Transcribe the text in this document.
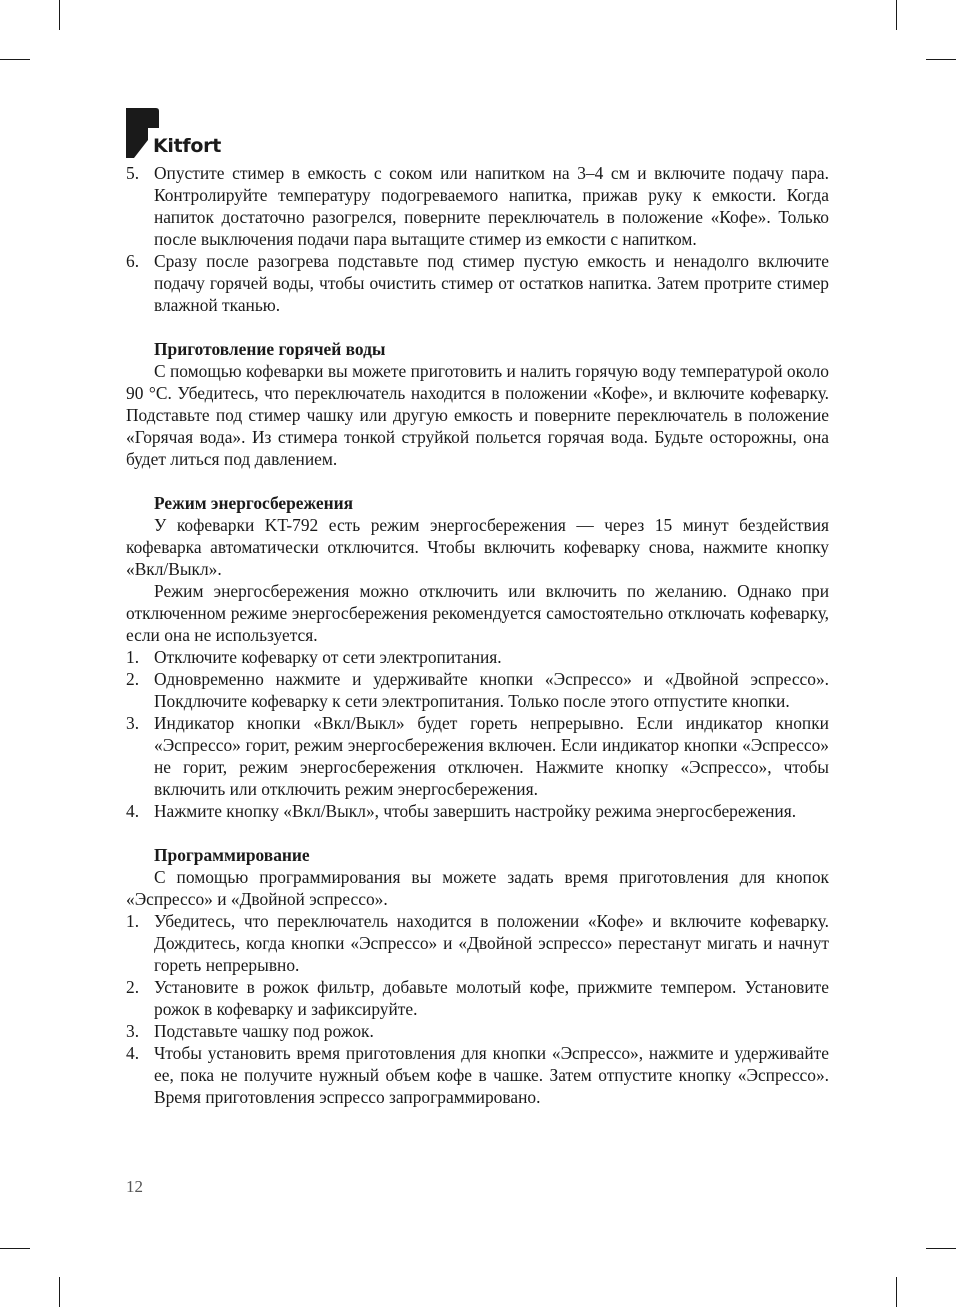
Kitfort

5. Опустите стимер в емкость с соком или напитком на 3–4 см и включите подачу пара. Контролируйте температуру подогреваемого напитка, прижав руку к емкости. Когда напиток достаточно разогрелся, поверните переключатель в положение «Кофе». Только после выключения подачи пара вытащите стимер из емкости с напитком.

6. Сразу после разогрева подставьте под стимер пустую емкость и ненадолго включите подачу горячей воды, чтобы очистить стимер от остатков напитка. Затем протрите стимер влажной тканью.

Приготовление горячей воды

С помощью кофеварки вы можете приготовить и налить горячую воду температурой около 90 °С. Убедитесь, что переключатель находится в положении «Кофе», и включите кофеварку. Подставьте под стимер чашку или другую емкость и поверните переключатель в положение «Горячая вода». Из стимера тонкой струйкой польется горячая вода. Будьте осторожны, она будет литься под давлением.

Режим энергосбережения

У кофеварки KT-792 есть режим энергосбережения — через 15 минут бездействия кофеварка автоматически отключится. Чтобы включить кофеварку снова, нажмите кнопку «Вкл/Выкл».

Режим энергосбережения можно отключить или включить по желанию. Однако при отключенном режиме энергосбережения рекомендуется самостоятельно отключать кофеварку, если она не используется.

1. Отключите кофеварку от сети электропитания.

2. Одновременно нажмите и удерживайте кнопки «Эспрессо» и «Двойной эспрессо». Покдлючите кофеварку к сети электропитания. Только после этого отпустите кнопки.

3. Индикатор кнопки «Вкл/Выкл» будет гореть непрерывно. Если индикатор кнопки «Эспрессо» горит, режим энергосбережения включен. Если индикатор кнопки «Эспрессо» не горит, режим энергосбережения отключен. Нажмите кнопку «Эспрессо», чтобы включить или отключить режим энергосбережения.

4. Нажмите кнопку «Вкл/Выкл», чтобы завершить настройку режима энергосбережения.

Программирование

С помощью программирования вы можете задать время приготовления для кнопок «Эспрессо» и «Двойной эспрессо».

1. Убедитесь, что переключатель находится в положении «Кофе» и включите кофеварку. Дождитесь, когда кнопки «Эспрессо» и «Двойной эспрессо» перестанут мигать и начнут гореть непрерывно.

2. Установите в рожок фильтр, добавьте молотый кофе, прижмите темпером. Установите рожок в кофеварку и зафиксируйте.

3. Подставьте чашку под рожок.

4. Чтобы установить время приготовления для кнопки «Эспрессо», нажмите и удерживайте ее, пока не получите нужный объем кофе в чашке. Затем отпустите кнопку «Эспрессо». Время приготовления эспрессо запрограммировано.

12
